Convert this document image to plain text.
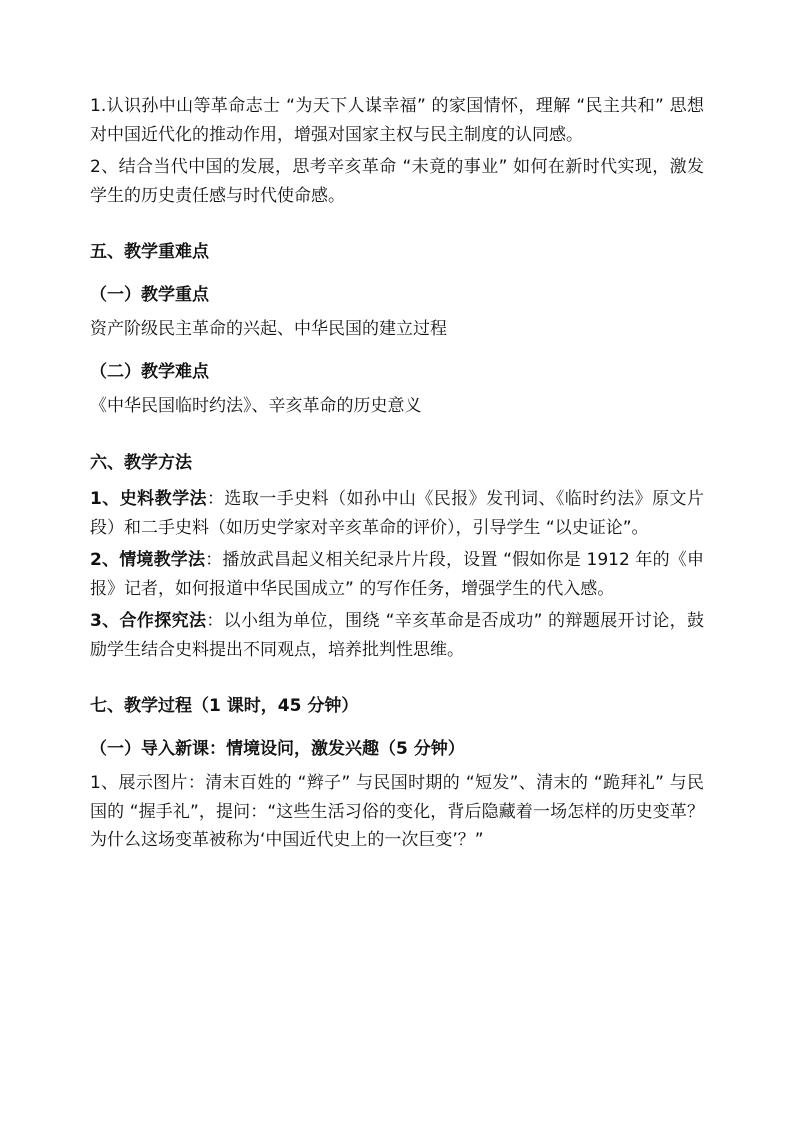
1.认识孙中山等革命志士 “为天下人谋幸福” 的家国情怀，理解 “民主共和” 思想对中国近代化的推动作用，增强对国家主权与民主制度的认同感。

2、结合当代中国的发展，思考辛亥革命 “未竟的事业” 如何在新时代实现，激发学生的历史责任感与时代使命感。

五、教学重难点
（一）教学重点

资产阶级民主革命的兴起、中华民国的建立过程

（二）教学难点

《中华民国临时约法》、辛亥革命的历史意义

六、教学方法

1、史料教学法：选取一手史料（如孙中山《民报》发刊词、《临时约法》原文片段）和二手史料（如历史学家对辛亥革命的评价），引导学生 “以史证论”。

2、情境教学法：播放武昌起义相关纪录片片段，设置 “假如你是 1912 年的《申报》记者，如何报道中华民国成立” 的写作任务，增强学生的代入感。

3、合作探究法：以小组为单位，围绕 “辛亥革命是否成功” 的辩题展开讨论，鼓励学生结合史料提出不同观点，培养批判性思维。

七、教学过程（1 课时，45 分钟）
（一）导入新课：情境设问，激发兴趣（5 分钟）

1、展示图片：清末百姓的 “辫子” 与民国时期的 “短发”、清末的 “跪拜礼” 与民国的 “握手礼”，提问：“这些生活习俗的变化，背后隐藏着一场怎样的历史变革？为什么这场变革被称为‘中国近代史上的一次巨变’？”
